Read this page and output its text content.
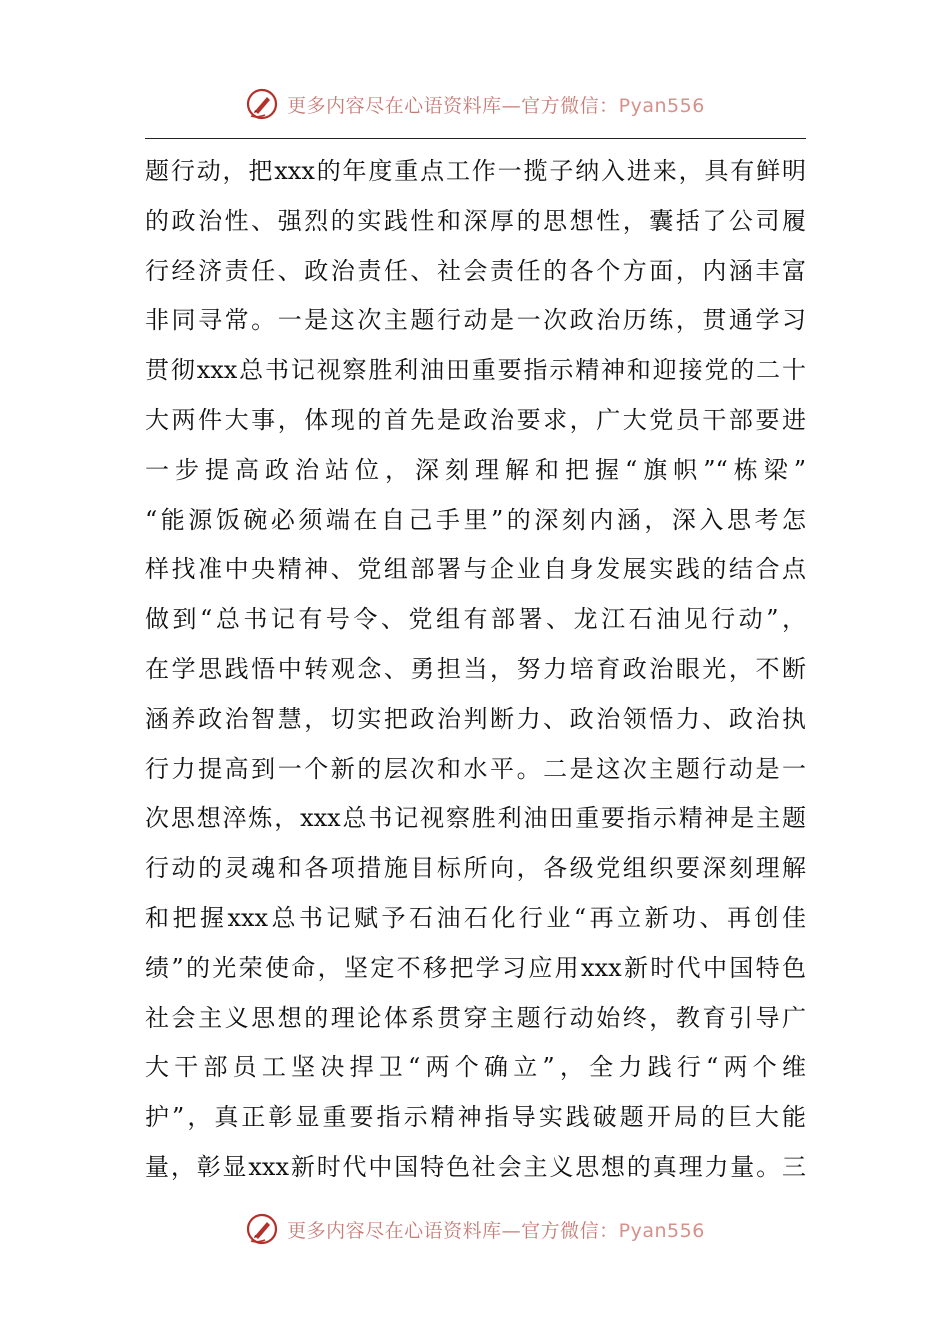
更多内容尽在心语资料库—官方微信：Pyan556
题行动，把xxx的年度重点工作一揽子纳入进来，具有鲜明
的政治性、强烈的实践性和深厚的思想性，囊括了公司履
行经济责任、政治责任、社会责任的各个方面，内涵丰富
非同寻常。一是这次主题行动是一次政治历练，贯通学习
贯彻xxx总书记视察胜利油田重要指示精神和迎接党的二十
大两件大事，体现的首先是政治要求，广大党员干部要进
一步提高政治站位，深刻理解和把握“旗帜”“栋梁”
“能源饭碗必须端在自己手里”的深刻内涵，深入思考怎
样找准中央精神、党组部署与企业自身发展实践的结合点
做到“总书记有号令、党组有部署、龙江石油见行动”，
在学思践悟中转观念、勇担当，努力培育政治眼光，不断
涵养政治智慧，切实把政治判断力、政治领悟力、政治执
行力提高到一个新的层次和水平。二是这次主题行动是一
次思想淬炼，xxx总书记视察胜利油田重要指示精神是主题
行动的灵魂和各项措施目标所向，各级党组织要深刻理解
和把握xxx总书记赋予石油石化行业“再立新功、再创佳
绩”的光荣使命，坚定不移把学习应用xxx新时代中国特色
社会主义思想的理论体系贯穿主题行动始终，教育引导广
大干部员工坚决捍卫“两个确立”，全力践行“两个维
护”，真正彰显重要指示精神指导实践破题开局的巨大能
量，彰显xxx新时代中国特色社会主义思想的真理力量。三
更多内容尽在心语资料库—官方微信：Pyan556
